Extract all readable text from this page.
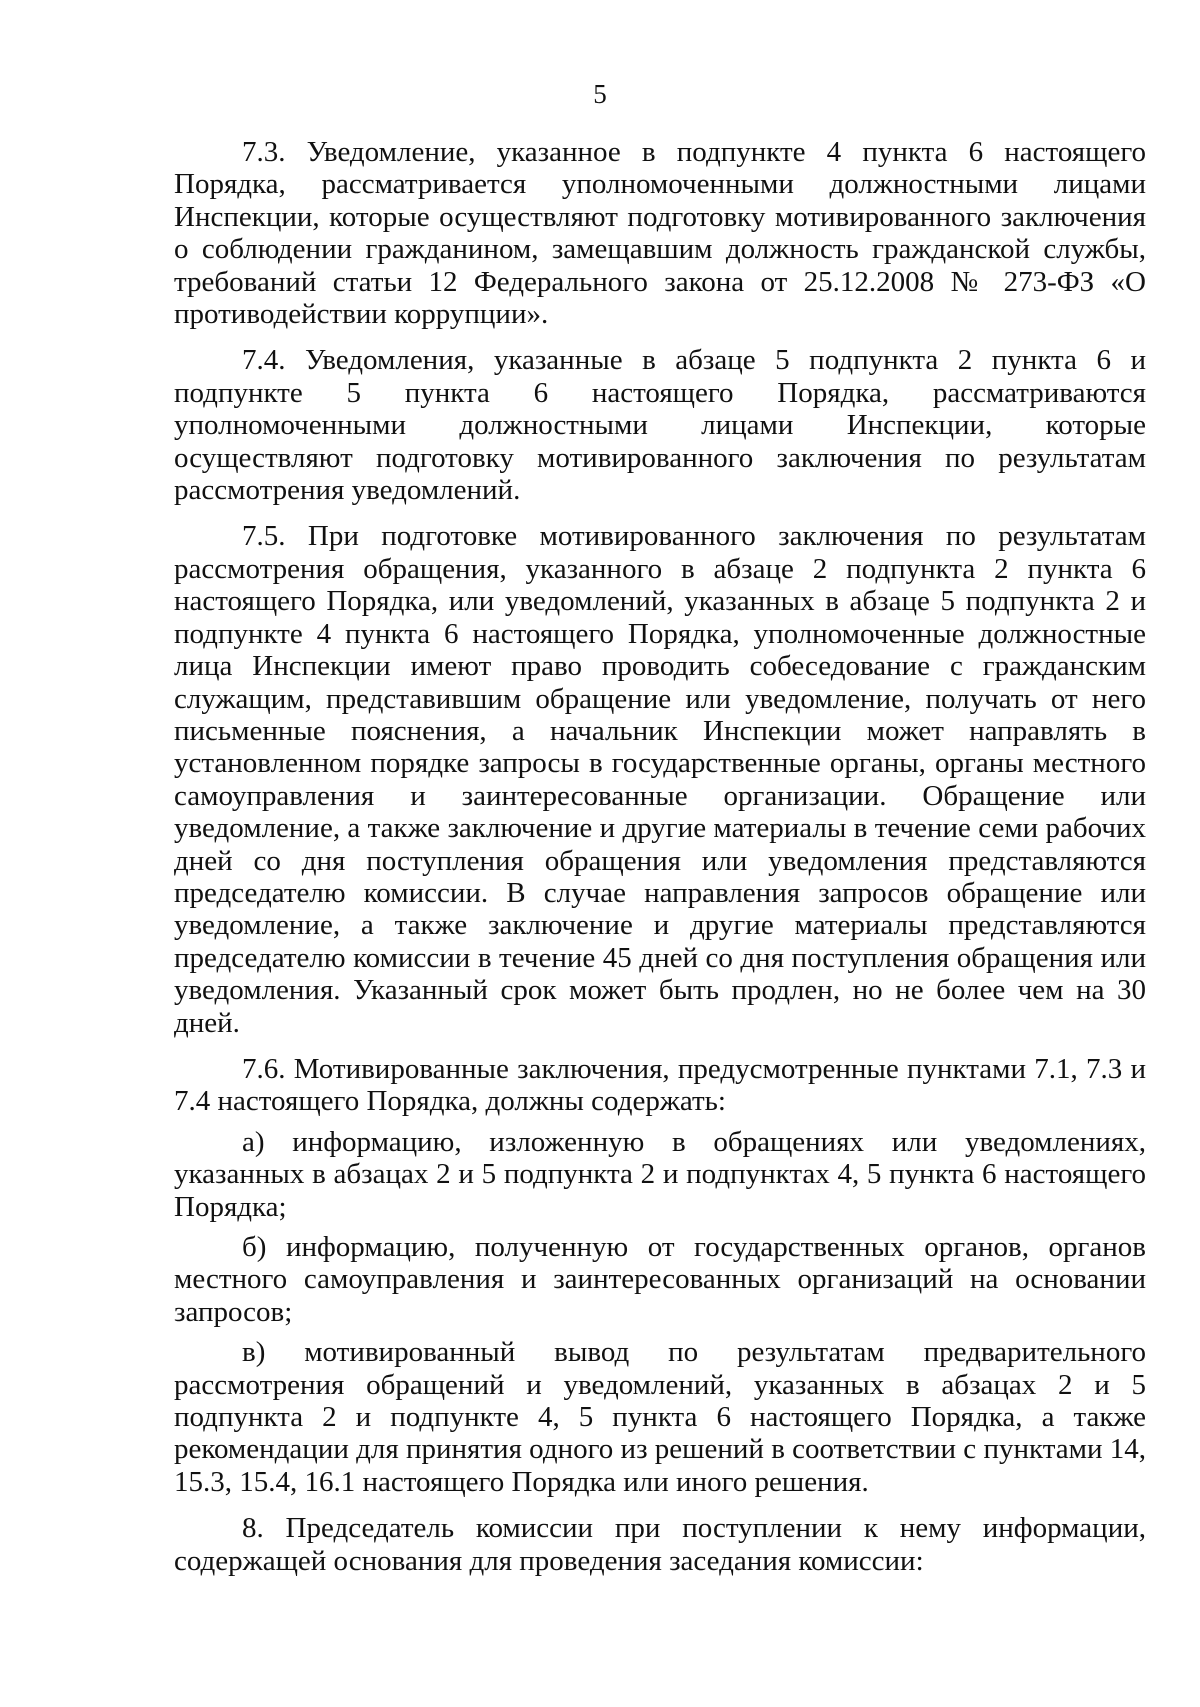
5

7.3. Уведомление, указанное в подпункте 4 пункта 6 настоящего Порядка, рассматривается уполномоченными должностными лицами Инспекции, которые осуществляют подготовку мотивированного заключения о соблюдении гражданином, замещавшим должность гражданской службы, требований статьи 12 Федерального закона от 25.12.2008 № 273-ФЗ «О противодействии коррупции».

7.4. Уведомления, указанные в абзаце 5 подпункта 2 пункта 6 и подпункте 5 пункта 6 настоящего Порядка, рассматриваются уполномоченными должностными лицами Инспекции, которые осуществляют подготовку мотивированного заключения по результатам рассмотрения уведомлений.

7.5. При подготовке мотивированного заключения по результатам рассмотрения обращения, указанного в абзаце 2 подпункта 2 пункта 6 настоящего Порядка, или уведомлений, указанных в абзаце 5 подпункта 2 и подпункте 4 пункта 6 настоящего Порядка, уполномоченные должностные лица Инспекции имеют право проводить собеседование с гражданским служащим, представившим обращение или уведомление, получать от него письменные пояснения, а начальник Инспекции может направлять в установленном порядке запросы в государственные органы, органы местного самоуправления и заинтересованные организации. Обращение или уведомление, а также заключение и другие материалы в течение семи рабочих дней со дня поступления обращения или уведомления представляются председателю комиссии. В случае направления запросов обращение или уведомление, а также заключение и другие материалы представляются председателю комиссии в течение 45 дней со дня поступления обращения или уведомления. Указанный срок может быть продлен, но не более чем на 30 дней.

7.6. Мотивированные заключения, предусмотренные пунктами 7.1, 7.3 и 7.4 настоящего Порядка, должны содержать:

а) информацию, изложенную в обращениях или уведомлениях, указанных в абзацах 2 и 5 подпункта 2 и подпунктах 4, 5 пункта 6 настоящего Порядка;

б) информацию, полученную от государственных органов, органов местного самоуправления и заинтересованных организаций на основании запросов;

в) мотивированный вывод по результатам предварительного рассмотрения обращений и уведомлений, указанных в абзацах 2 и 5 подпункта 2 и подпункте 4, 5 пункта 6 настоящего Порядка, а также рекомендации для принятия одного из решений в соответствии с пунктами 14, 15.3, 15.4, 16.1 настоящего Порядка или иного решения.

8. Председатель комиссии при поступлении к нему информации, содержащей основания для проведения заседания комиссии:
